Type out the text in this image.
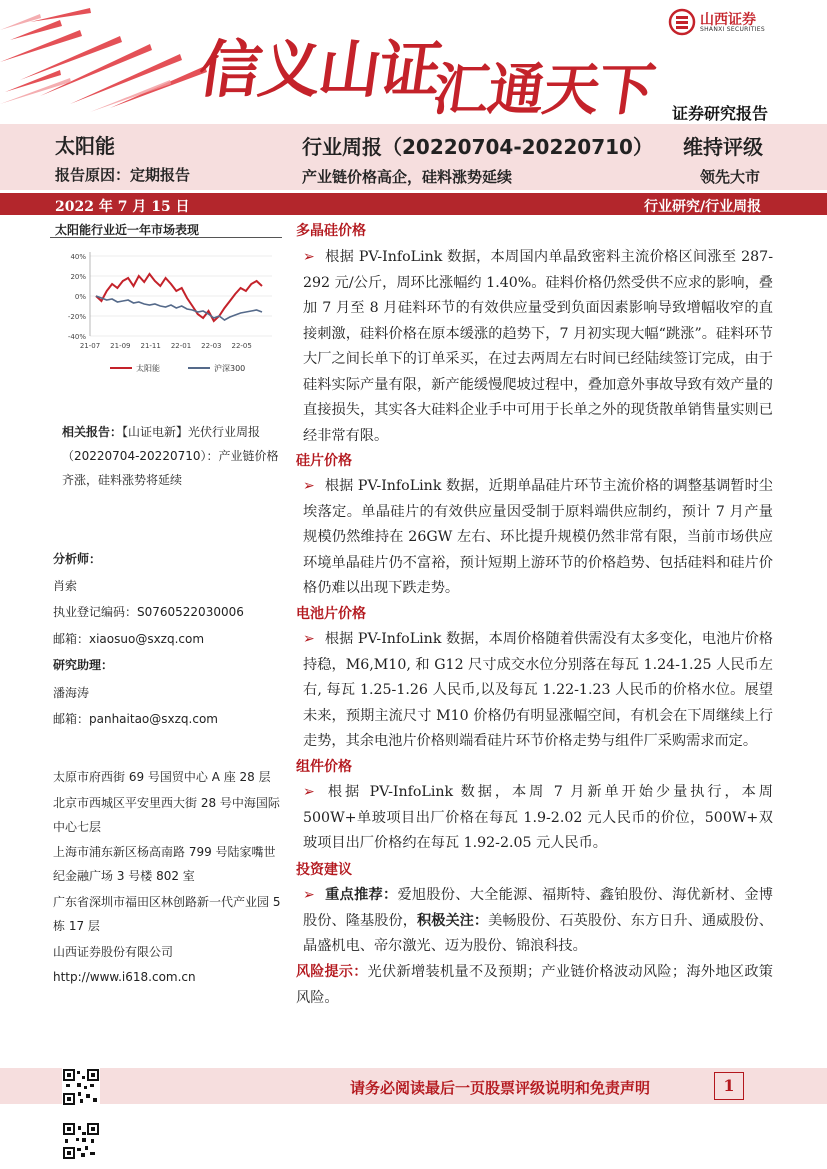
信义山证
汇通天下
山西证券
SHANXI SECURITIES
证券研究报告
太阳能
报告原因：定期报告
行业周报（20220704-20220710）
产业链价格高企，硅料涨势延续
维持评级
领先大市
2022 年 7 月 15 日	行业研究/行业周报
太阳能行业近一年市场表现
40%
20%
0%
-20%
-40%
21-07 21-09 21-11 22-01 22-03 22-05
太阳能	沪深300
相关报告：【山证电新】光伏行业周报（20220704-20220710）：产业链价格齐涨，硅料涨势将延续
分析师：
肖索
执业登记编码：S0760522030006
邮箱：xiaosuo@sxzq.com
研究助理：
潘海涛
邮箱：panhaitao@sxzq.com
太原市府西街 69 号国贸中心 A 座 28 层
北京市西城区平安里西大街 28 号中海国际中心七层
上海市浦东新区杨高南路 799 号陆家嘴世纪金融广场 3 号楼 802 室
广东省深圳市福田区林创路新一代产业园 5 栋 17 层
山西证券股份有限公司
http://www.i618.com.cn
多晶硅价格
➢ 根据 PV-InfoLink 数据，本周国内单晶致密料主流价格区间涨至 287-292 元/公斤，周环比涨幅约 1.40%。硅料价格仍然受供不应求的影响，叠加 7 月至 8 月硅料环节的有效供应量受到负面因素影响导致增幅收窄的直接刺激，硅料价格在原本缓涨的趋势下，7 月初实现大幅“跳涨”。硅料环节大厂之间长单下的订单采买，在过去两周左右时间已经陆续签订完成，由于硅料实际产量有限，新产能缓慢爬坡过程中，叠加意外事故导致有效产量的直接损失，其实各大硅料企业手中可用于长单之外的现货散单销售量实则已经非常有限。
硅片价格
➢ 根据 PV-InfoLink 数据，近期单晶硅片环节主流价格的调整基调暂时尘埃落定。单晶硅片的有效供应量因受制于原料端供应制约，预计 7 月产量规模仍然维持在 26GW 左右、环比提升规模仍然非常有限，当前市场供应环境单晶硅片仍不富裕，预计短期上游环节的价格趋势、包括硅料和硅片价格仍难以出现下跌走势。
电池片价格
➢ 根据 PV-InfoLink 数据，本周价格随着供需没有太多变化，电池片价格持稳，M6,M10, 和 G12 尺寸成交水位分别落在每瓦 1.24-1.25 人民币左右, 每瓦 1.25-1.26 人民币,以及每瓦 1.22-1.23 人民币的价格水位。展望未来，预期主流尺寸 M10 价格仍有明显涨幅空间，有机会在下周继续上行走势，其余电池片价格则端看硅片环节价格走势与组件厂采购需求而定。
组件价格
➢ 根据 PV-InfoLink 数据，本周 7 月新单开始少量执行，本周 500W+单玻项目出厂价格在每瓦 1.9-2.02 元人民币的价位，500W+双玻项目出厂价格约在每瓦 1.92-2.05 元人民币。
投资建议
➢ 重点推荐：爱旭股份、大全能源、福斯特、鑫铂股份、海优新材、金博股份、隆基股份，积极关注：美畅股份、石英股份、东方日升、通威股份、晶盛机电、帝尔激光、迈为股份、锦浪科技。
风险提示：光伏新增装机量不及预期；产业链价格波动风险；海外地区政策风险。
请务必阅读最后一页股票评级说明和免责声明	1
